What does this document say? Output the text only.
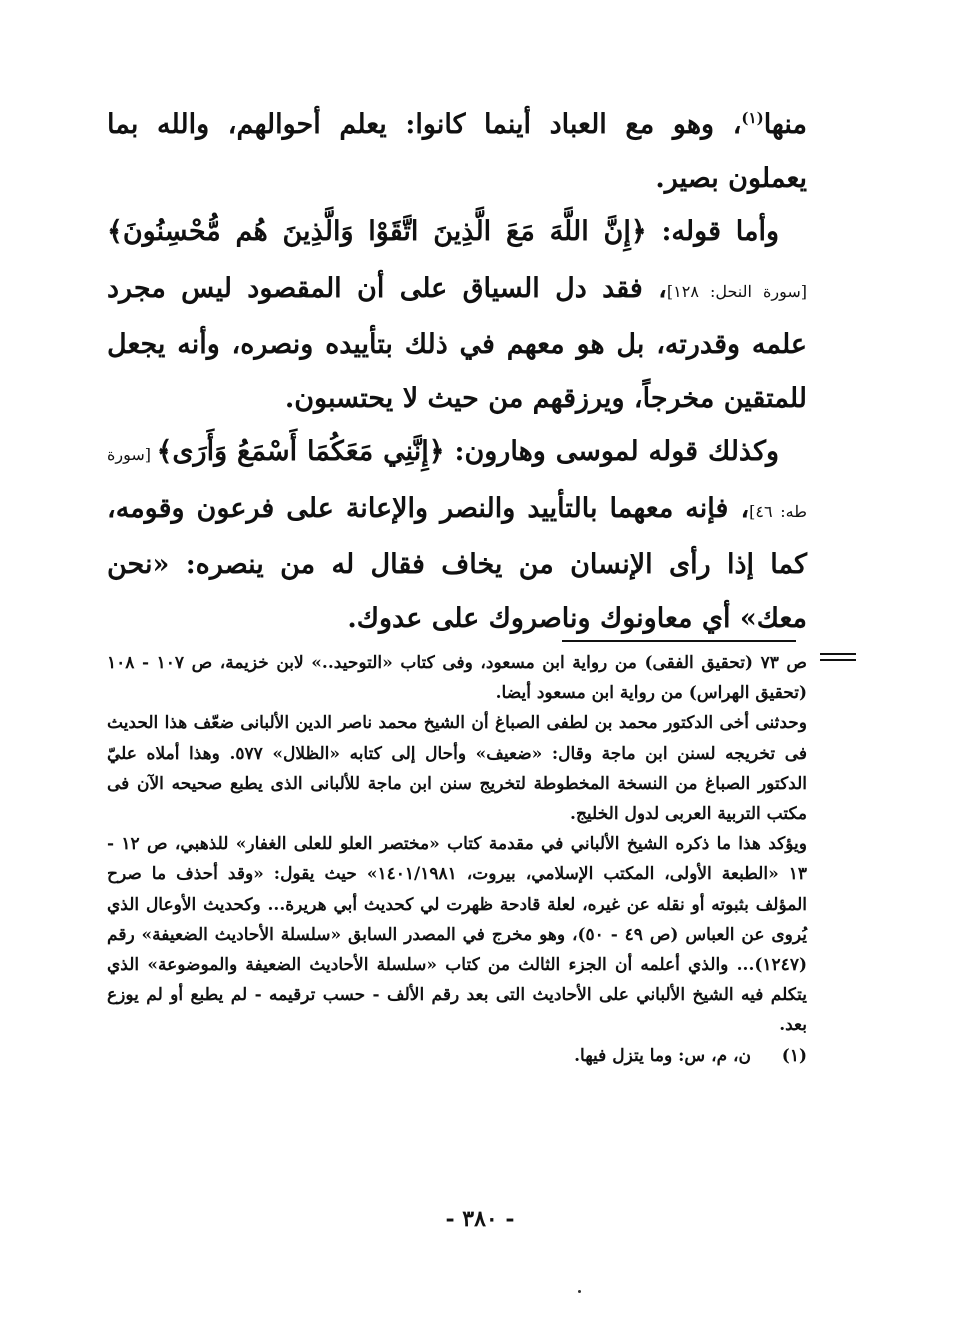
منها$^{(١)}$، وهو مع العباد أينما كانوا: يعلم أحوالهم، والله بما يعملون بصير.

وأما قوله: ﴿إِنَّ اللَّهَ مَعَ الَّذِينَ اتَّقَوْا وَالَّذِينَ هُم مُّحْسِنُونَ﴾ [سورة النحل: ١٢٨]، فقد دل السياق على أن المقصود ليس مجرد علمه وقدرته، بل هو معهم في ذلك بتأييده ونصره، وأنه يجعل للمتقين مخرجاً، ويرزقهم من حيث لا يحتسبون.

وكذلك قوله لموسى وهارون: ﴿إِنَّنِي مَعَكُمَا أَسْمَعُ وَأَرَى﴾ [سورة طه: ٤٦]، فإنه معهما بالتأييد والنصر والإعانة على فرعون وقومه، كما إذا رأى الإنسان من يخاف فقال له من ينصره: «نحن معك» أي معاونوك وناصروك على عدوك.

ص ٧٣ (تحقيق الفقى) من رواية ابن مسعود، وفى كتاب «التوحيد..» لابن خزيمة، ص ١٠٧ - ١٠٨ (تحقيق الهراس) من رواية ابن مسعود أيضا.

وحدثنى أخى الدكتور محمد بن لطفى الصباغ أن الشيخ محمد ناصر الدين الألبانى ضعّف هذا الحديث فى تخريجه لسنن ابن ماجة وقال: «ضعيف» وأحال إلى كتابه «الظلال» ٥٧٧. وهذا أملاه عليّ الدكتور الصباغ من النسخة المخطوطة لتخريج سنن ابن ماجة للألبانى الذى يطبع صحيحه الآن فى مكتب التربية العربى لدول الخليج.

ويؤكد هذا ما ذكره الشيخ الألباني في مقدمة كتاب «مختصر العلو للعلى الغفار» للذهبي، ص ١٢ - ١٣ «الطبعة الأولى، المكتب الإسلامي، بيروت، ١٤٠١/١٩٨١» حيث يقول: «وقد أحذف ما صرح المؤلف بثبوته أو نقله عن غيره، لعلة قادحة ظهرت لي كحديث أبي هريرة... وكحديث الأوعال الذي يُروى عن العباس (ص ٤٩ - ٥٠)، وهو مخرج في المصدر السابق «سلسلة الأحاديث الضعيفة» رقم (١٢٤٧)... والذي أعلمه أن الجزء الثالث من كتاب «سلسلة الأحاديث الضعيفة والموضوعة» الذي يتكلم فيه الشيخ الألباني على الأحاديث التى بعد رقم الألف - حسب ترقيمه - لم يطبع أو لم يوزع بعد.

(١)ن، م، س: وما يتزل فيها.

- ٣٨٠ -
